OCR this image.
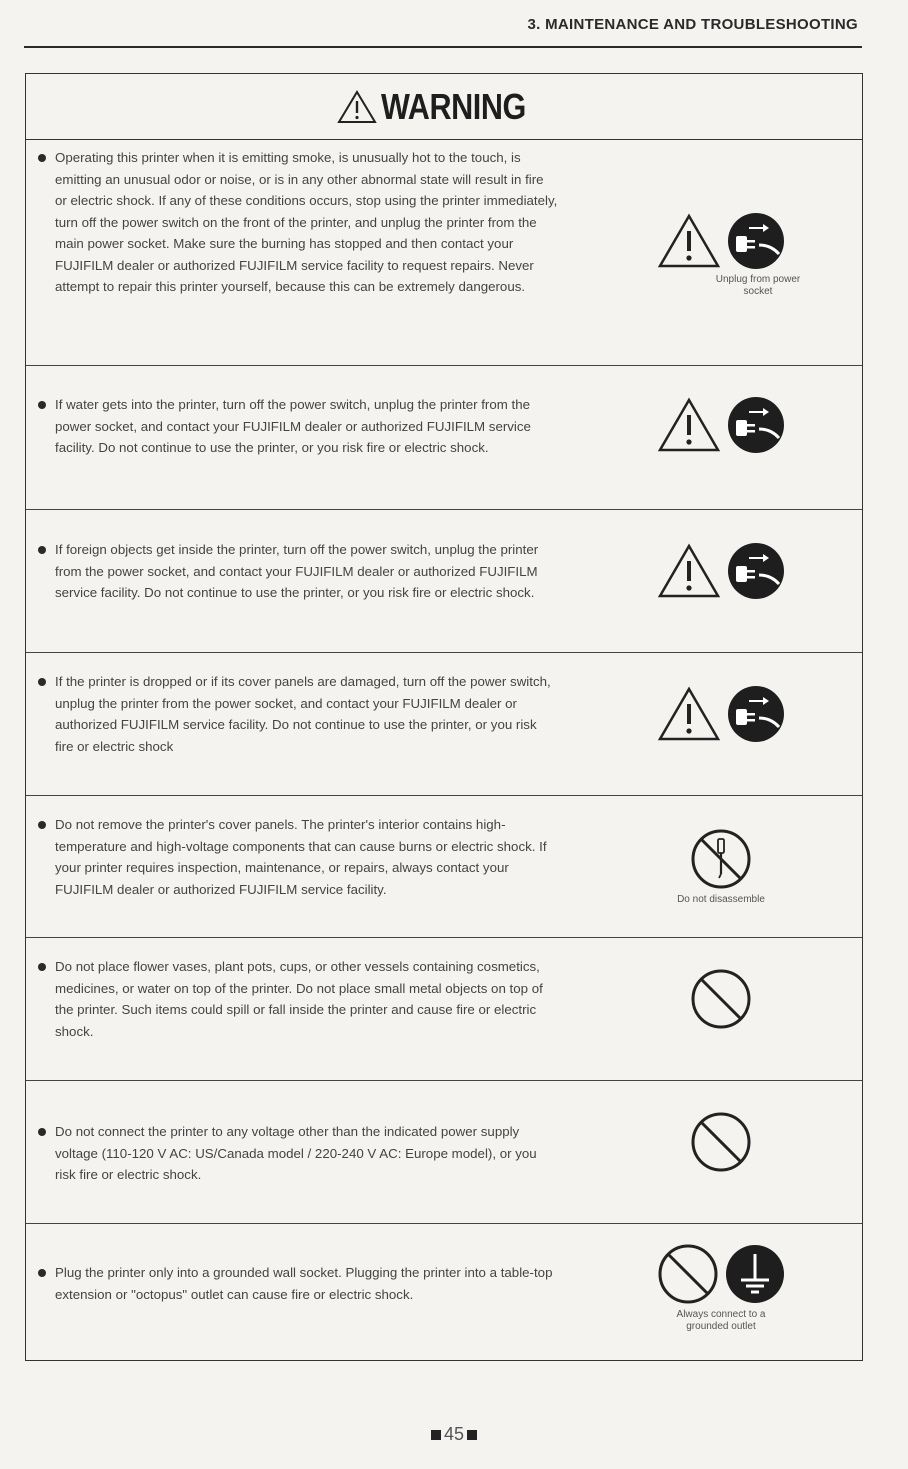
3. MAINTENANCE AND TROUBLESHOOTING
WARNING
Operating this printer when it is emitting smoke, is unusually hot to the touch, is emitting an unusual odor or noise, or is in any other abnormal state will result in fire or electric shock. If any of these conditions occurs, stop using the printer immediately, turn off the power switch on the front of the printer, and unplug the printer from the main power socket. Make sure the burning has stopped and then contact your FUJIFILM dealer or authorized FUJIFILM service facility to request repairs. Never attempt to repair this printer yourself, because this can be extremely dangerous.	Unplug from power socket
If water gets into the printer, turn off the power switch, unplug the printer from the power socket, and contact your FUJIFILM dealer or authorized FUJIFILM service facility. Do not continue to use the printer, or you risk fire or electric shock.
If foreign objects get inside the printer, turn off the power switch, unplug the printer from the power socket, and contact your FUJIFILM dealer or authorized FUJIFILM service facility. Do not continue to use the printer, or you risk fire or electric shock.
If the printer is dropped or if its cover panels are damaged, turn off the power switch, unplug the printer from the power socket, and contact your FUJIFILM dealer or authorized FUJIFILM service facility. Do not continue to use the printer, or you risk fire or electric shock
Do not remove the printer's cover panels. The printer's interior contains high-temperature and high-voltage components that can cause burns or electric shock. If your printer requires inspection, maintenance, or repairs, always contact your FUJIFILM dealer or authorized FUJIFILM service facility.
Do not disassemble
Do not place flower vases, plant pots, cups, or other vessels containing cosmetics, medicines, or water on top of the printer. Do not place small metal objects on top of the printer. Such items could spill or fall inside the printer and cause fire or electric shock.
Do not connect the printer to any voltage other than the indicated power supply voltage (110-120 V AC: US/Canada model / 220-240 V AC: Europe model), or you risk fire or electric shock.
Plug the printer only into a grounded wall socket. Plugging the printer into a table-top extension or "octopus" outlet can cause fire or electric shock.
Always connect to a grounded outlet
45
